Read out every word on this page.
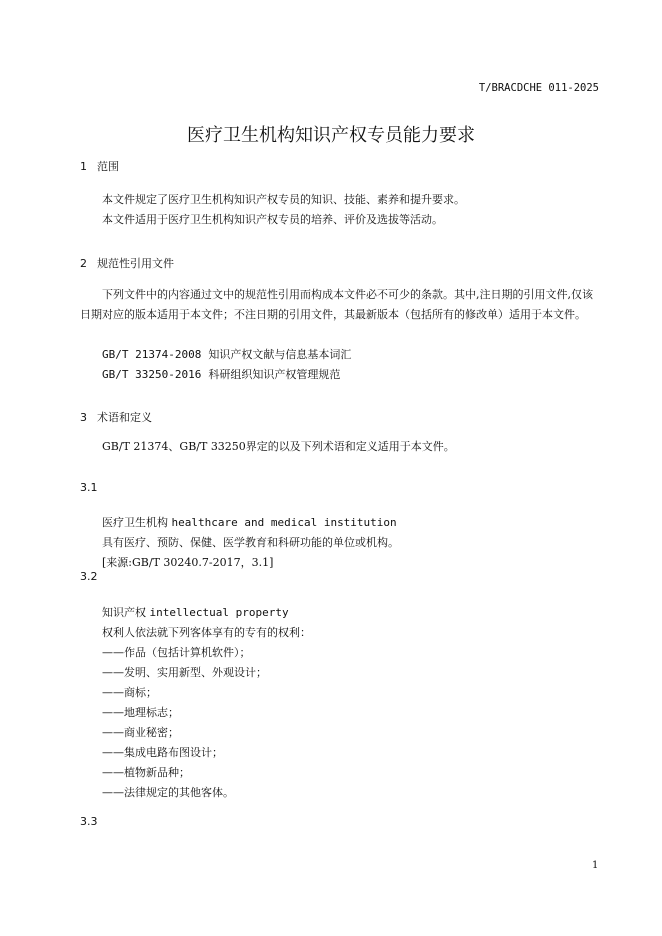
T/BRACDCHE 011-2025
医疗卫生机构知识产权专员能力要求
1 范围
本文件规定了医疗卫生机构知识产权专员的知识、技能、素养和提升要求。
本文件适用于医疗卫生机构知识产权专员的培养、评价及选拔等活动。
2 规范性引用文件
下列文件中的内容通过文中的规范性引用而构成本文件必不可少的条款。其中,注日期的引用文件,仅该日期对应的版本适用于本文件；不注日期的引用文件，其最新版本（包括所有的修改单）适用于本文件。
GB/T 21374-2008 知识产权文献与信息基本词汇
GB/T 33250-2016 科研组织知识产权管理规范
3 术语和定义
GB/T 21374、GB/T 33250界定的以及下列术语和定义适用于本文件。
3.1
医疗卫生机构 healthcare and medical institution
具有医疗、预防、保健、医学教育和科研功能的单位或机构。
[来源:GB/T 30240.7-2017，3.1]
3.2
知识产权 intellectual property
权利人依法就下列客体享有的专有的权利：
——作品（包括计算机软件）；
——发明、实用新型、外观设计；
——商标；
——地理标志；
——商业秘密；
——集成电路布图设计；
——植物新品种；
——法律规定的其他客体。
3.3
1
